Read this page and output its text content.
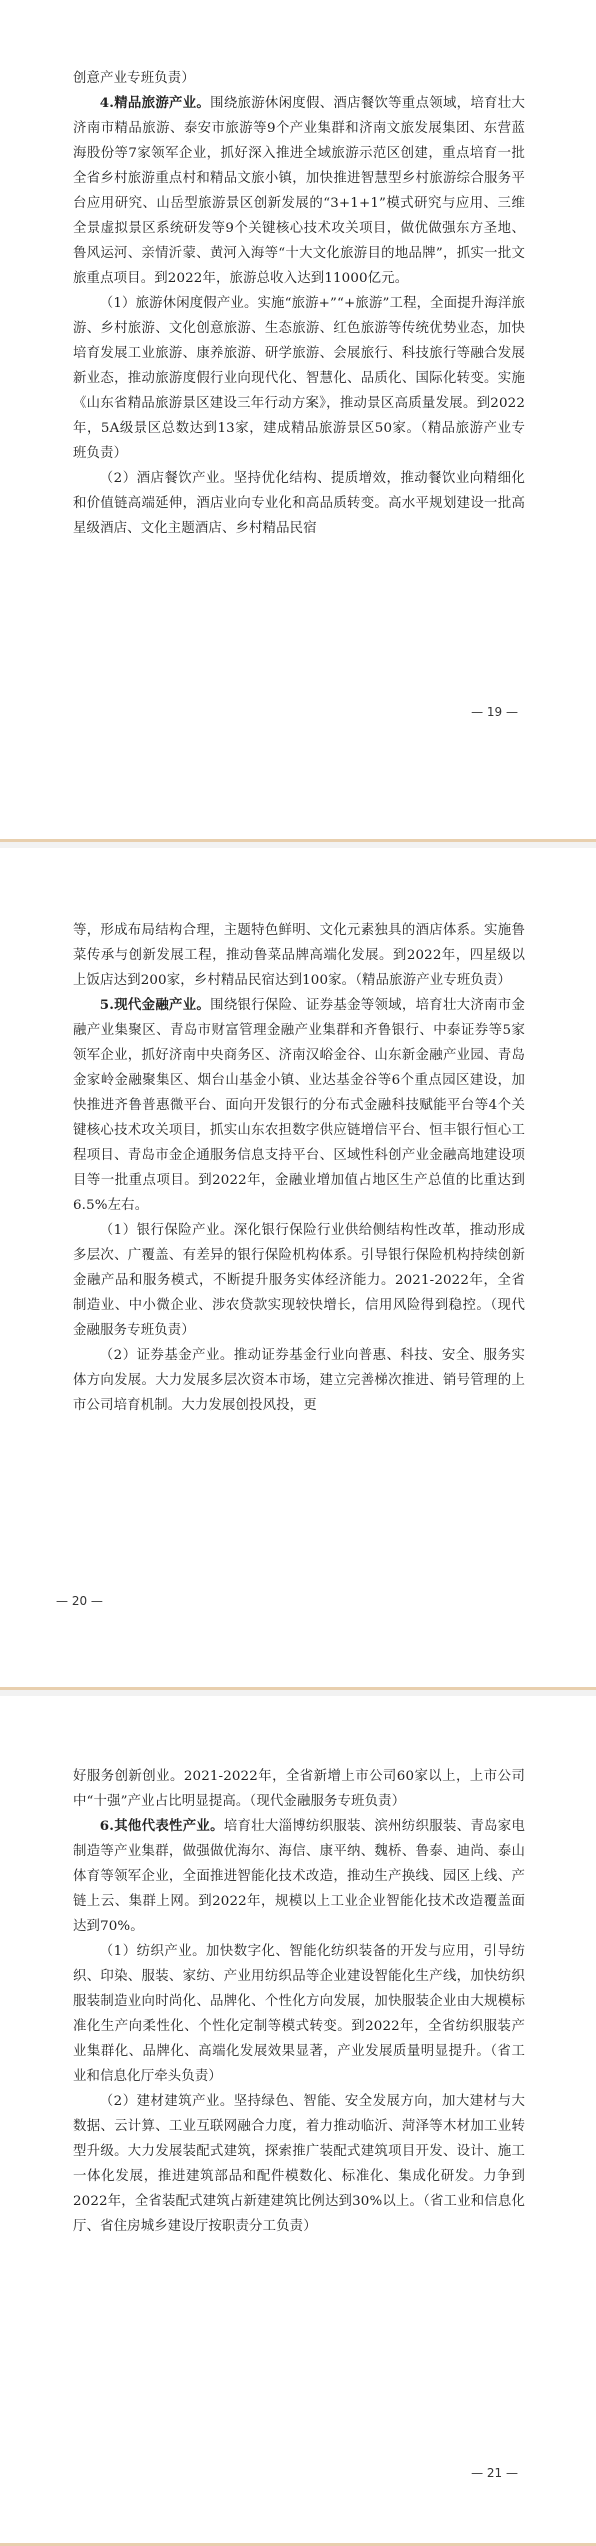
创意产业专班负责）

4.精品旅游产业。围绕旅游休闲度假、酒店餐饮等重点领域，培育壮大济南市精品旅游、泰安市旅游等9个产业集群和济南文旅发展集团、东营蓝海股份等7家领军企业，抓好深入推进全域旅游示范区创建，重点培育一批全省乡村旅游重点村和精品文旅小镇，加快推进智慧型乡村旅游综合服务平台应用研究、山岳型旅游景区创新发展的“3+1+1”模式研究与应用、三维全景虚拟景区系统研发等9个关键核心技术攻关项目，做优做强东方圣地、鲁风运河、亲情沂蒙、黄河入海等“十大文化旅游目的地品牌”，抓实一批文旅重点项目。到2022年，旅游总收入达到11000亿元。

（1）旅游休闲度假产业。实施“旅游+”“+旅游”工程，全面提升海洋旅游、乡村旅游、文化创意旅游、生态旅游、红色旅游等传统优势业态，加快培育发展工业旅游、康养旅游、研学旅游、会展旅行、科技旅行等融合发展新业态，推动旅游度假行业向现代化、智慧化、品质化、国际化转变。实施《山东省精品旅游景区建设三年行动方案》，推动景区高质量发展。到2022年，5A级景区总数达到13家，建成精品旅游景区50家。（精品旅游产业专班负责）

（2）酒店餐饮产业。坚持优化结构、提质增效，推动餐饮业向精细化和价值链高端延伸，酒店业向专业化和高品质转变。高水平规划建设一批高星级酒店、文化主题酒店、乡村精品民宿

— 19 —

等，形成布局结构合理，主题特色鲜明、文化元素独具的酒店体系。实施鲁菜传承与创新发展工程，推动鲁菜品牌高端化发展。到2022年，四星级以上饭店达到200家，乡村精品民宿达到100家。（精品旅游产业专班负责）

5.现代金融产业。围绕银行保险、证券基金等领域，培育壮大济南市金融产业集聚区、青岛市财富管理金融产业集群和齐鲁银行、中泰证券等5家领军企业，抓好济南中央商务区、济南汉峪金谷、山东新金融产业园、青岛金家岭金融聚集区、烟台山基金小镇、业达基金谷等6个重点园区建设，加快推进齐鲁普惠微平台、面向开发银行的分布式金融科技赋能平台等4个关键核心技术攻关项目，抓实山东农担数字供应链增信平台、恒丰银行恒心工程项目、青岛市金企通服务信息支持平台、区域性科创产业金融高地建设项目等一批重点项目。到2022年，金融业增加值占地区生产总值的比重达到6.5%左右。

（1）银行保险产业。深化银行保险行业供给侧结构性改革，推动形成多层次、广覆盖、有差异的银行保险机构体系。引导银行保险机构持续创新金融产品和服务模式，不断提升服务实体经济能力。2021-2022年，全省制造业、中小微企业、涉农贷款实现较快增长，信用风险得到稳控。（现代金融服务专班负责）

（2）证券基金产业。推动证券基金行业向普惠、科技、安全、服务实体方向发展。大力发展多层次资本市场，建立完善梯次推进、销号管理的上市公司培育机制。大力发展创投风投，更

— 20 —

好服务创新创业。2021-2022年，全省新增上市公司60家以上，上市公司中“十强”产业占比明显提高。（现代金融服务专班负责）

6.其他代表性产业。培育壮大淄博纺织服装、滨州纺织服装、青岛家电制造等产业集群，做强做优海尔、海信、康平纳、魏桥、鲁泰、迪尚、泰山体育等领军企业，全面推进智能化技术改造，推动生产换线、园区上线、产链上云、集群上网。到2022年，规模以上工业企业智能化技术改造覆盖面达到70%。

（1）纺织产业。加快数字化、智能化纺织装备的开发与应用，引导纺织、印染、服装、家纺、产业用纺织品等企业建设智能化生产线，加快纺织服装制造业向时尚化、品牌化、个性化方向发展，加快服装企业由大规模标准化生产向柔性化、个性化定制等模式转变。到2022年，全省纺织服装产业集群化、品牌化、高端化发展效果显著，产业发展质量明显提升。（省工业和信息化厅牵头负责）

（2）建材建筑产业。坚持绿色、智能、安全发展方向，加大建材与大数据、云计算、工业互联网融合力度，着力推动临沂、菏泽等木材加工业转型升级。大力发展装配式建筑，探索推广装配式建筑项目开发、设计、施工一体化发展，推进建筑部品和配件模数化、标准化、集成化研发。力争到2022年，全省装配式建筑占新建建筑比例达到30%以上。（省工业和信息化厅、省住房城乡建设厅按职责分工负责）

— 21 —
